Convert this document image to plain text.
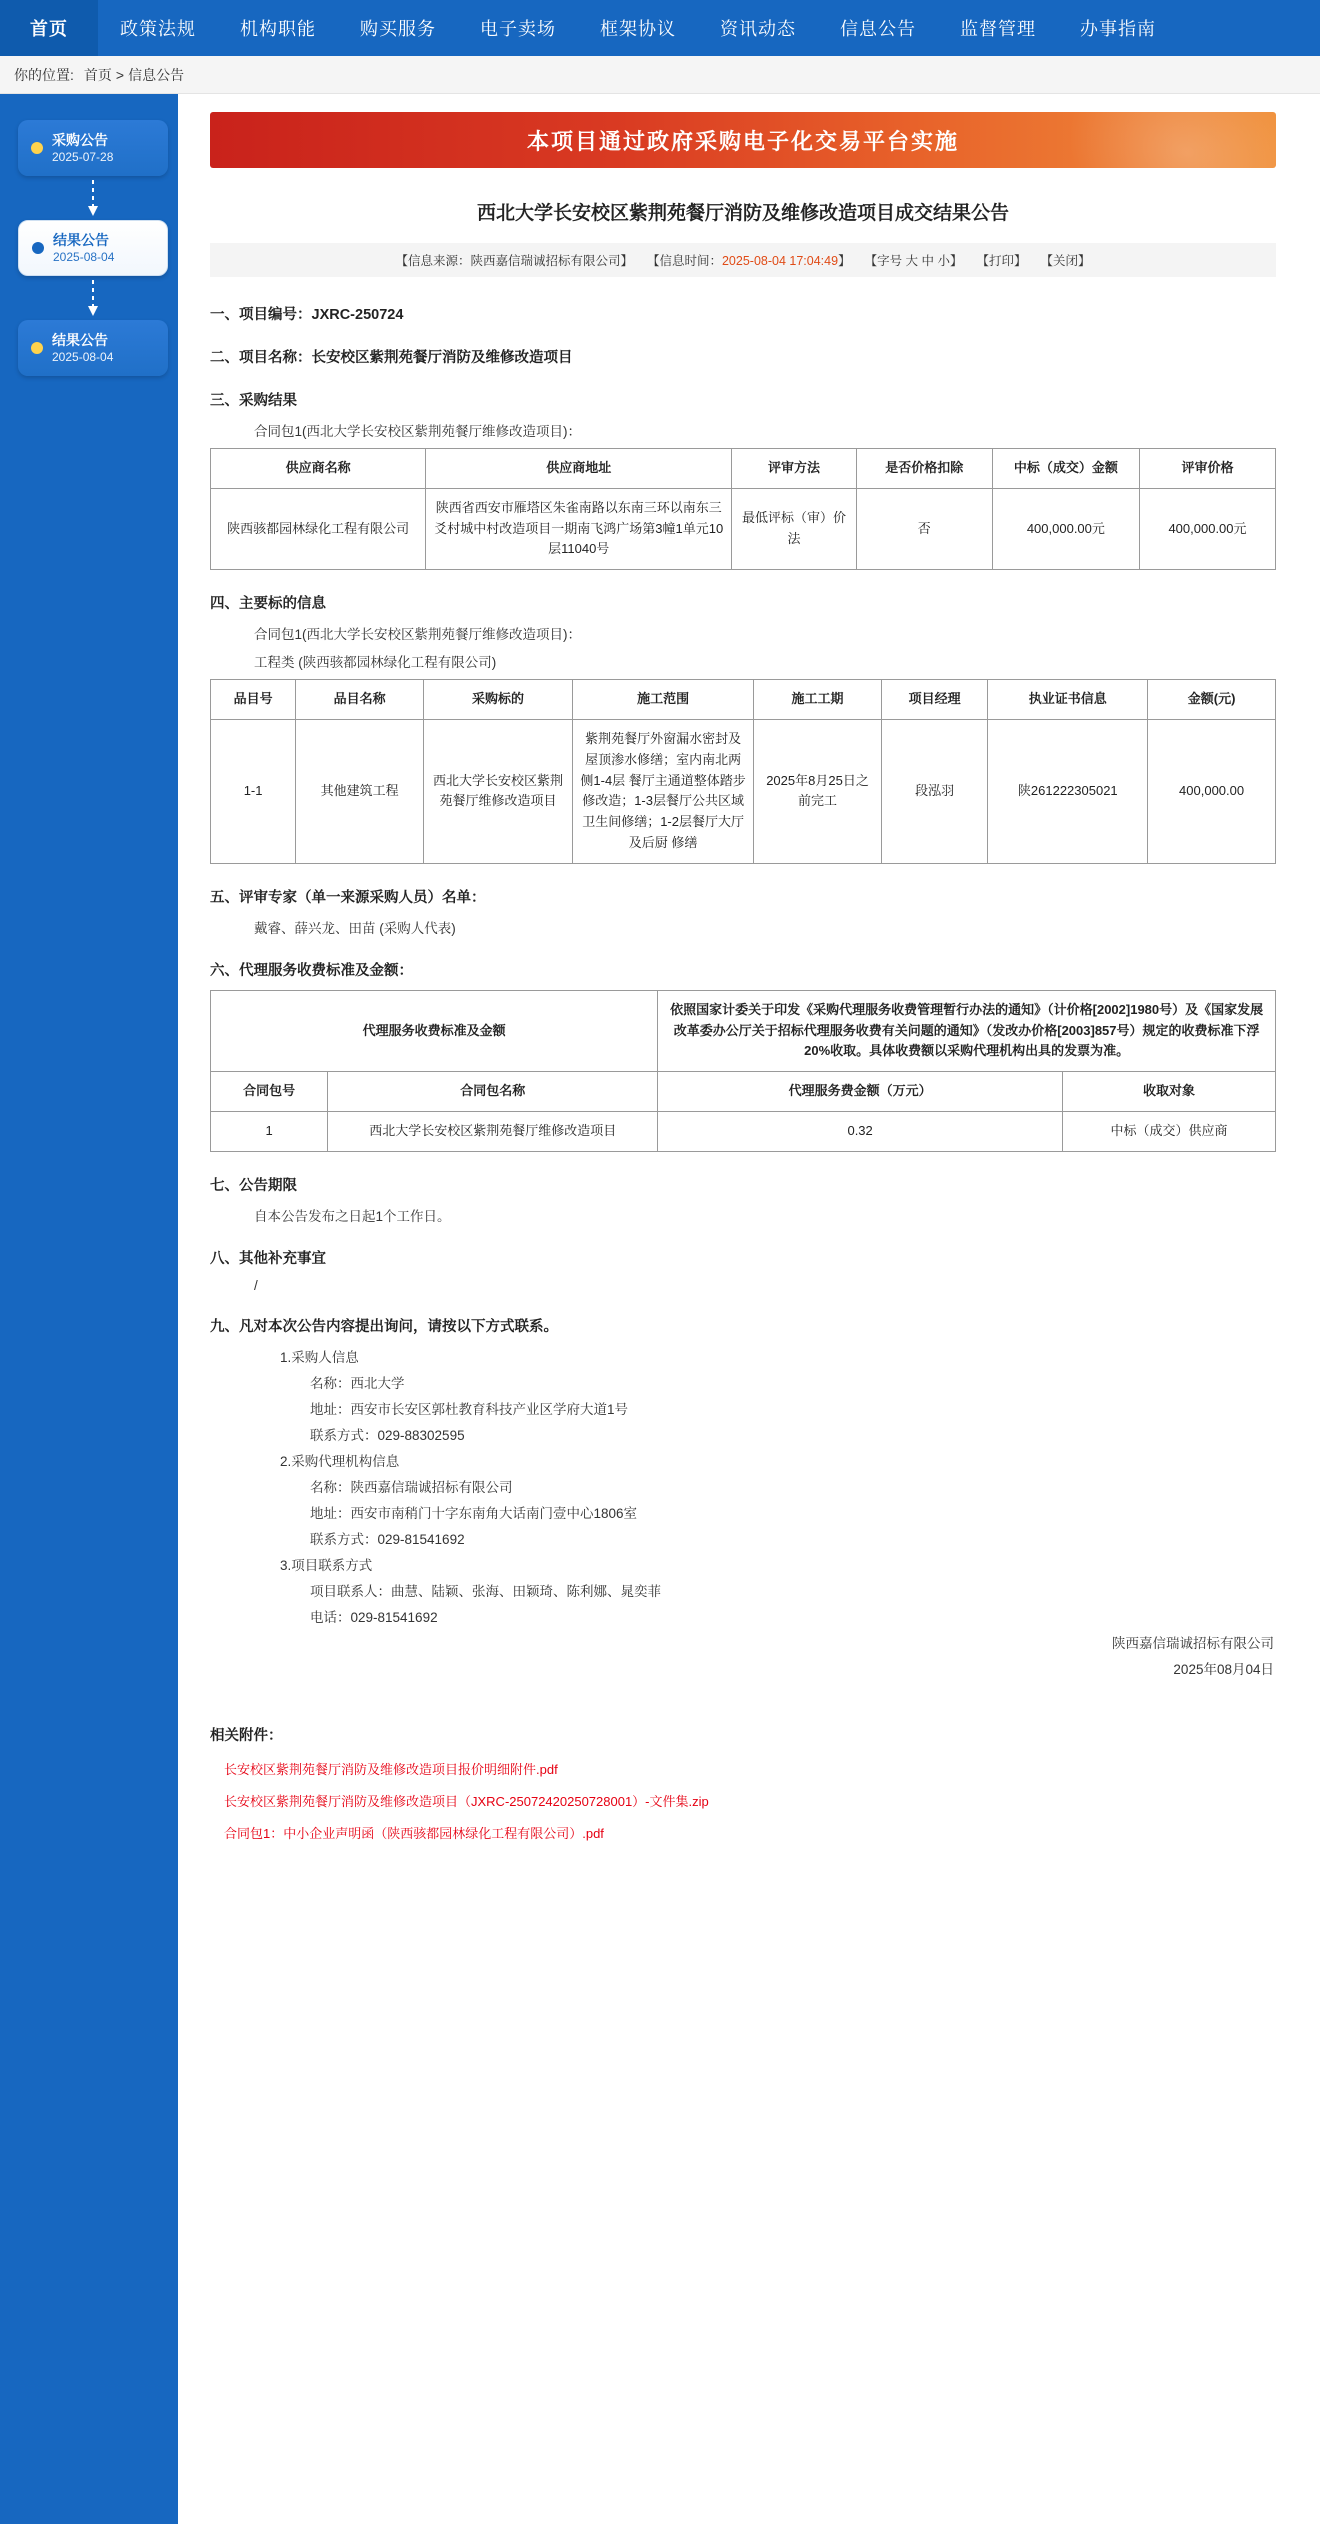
首页	政策法规	机构职能	购买服务	电子卖场	框架协议	资讯动态	信息公告	监督管理	办事指南
你的位置: 首页 > 信息公告
采购公告
2025-07-28
结果公告
2025-08-04
结果公告
2025-08-04
本项目通过政府采购电子化交易平台实施
西北大学长安校区紫荆苑餐厅消防及维修改造项目成交结果公告
【信息来源：陕西嘉信瑞诚招标有限公司】 【信息时间：2025-08-04 17:04:49】 【字号 大 中 小】 【打印】 【关闭】
一、项目编号：JXRC-250724
二、项目名称：长安校区紫荆苑餐厅消防及维修改造项目
三、采购结果

合同包1(西北大学长安校区紫荆苑餐厅维修改造项目)：

供应商名称	供应商地址	评审方法	是否价格扣除	中标（成交）金额	评审价格
陕西骇都园林绿化工程有限公司	陕西省西安市雁塔区朱雀南路以东南三环以南东三爻村城中村改造项目一期南飞鸿广场第3幢1单元10层11040号	最低评标（审）价法	否	400,000.00元	400,000.00元
四、主要标的信息

合同包1(西北大学长安校区紫荆苑餐厅维修改造项目)：

工程类 (陕西骇都园林绿化工程有限公司)

品目号	品目名称	采购标的	施工范围	施工工期	项目经理	执业证书信息	金额(元)
1-1	其他建筑工程	西北大学长安校区紫荆苑餐厅维修改造项目	紫荆苑餐厅外窗漏水密封及屋顶渗水修缮；室内南北两侧1-4层 餐厅主通道整体踏步修改造；1-3层餐厅公共区域卫生间修缮；1-2层餐厅大厅及后厨 修缮	2025年8月25日之前完工	段泓羽	陕261222305021	400,000.00
五、评审专家（单一来源采购人员）名单：

戴睿、薛兴龙、田苗 (采购人代表)

六、代理服务收费标准及金额：
代理服务收费标准及金额		依照国家计委关于印发《采购代理服务收费管理暂行办法的通知》（计价格[2002]1980号）及《国家发展改革委办公厅关于招标代理服务收费有关问题的通知》（发改办价格[2003]857号）规定的收费标准下浮20%收取。具体收费额以采购代理机构出具的发票为准。	
合同包号	合同包名称	代理服务费金额（万元）	收取对象
1	西北大学长安校区紫荆苑餐厅维修改造项目	0.32	中标（成交）供应商
七、公告期限

自本公告发布之日起1个工作日。

八、其他补充事宜

/

九、凡对本次公告内容提出询问，请按以下方式联系。

1.采购人信息

名称：西北大学

地址：西安市长安区郭杜教育科技产业区学府大道1号

联系方式：029-88302595

2.采购代理机构信息

名称：陕西嘉信瑞诚招标有限公司

地址：西安市南稍门十字东南角大话南门壹中心1806室

联系方式：029-81541692

3.项目联系方式

项目联系人：曲慧、陆颖、张海、田颖琦、陈利娜、晁奕菲

电话：029-81541692

陕西嘉信瑞诚招标有限公司
2025年08月04日
相关附件：
长安校区紫荆苑餐厅消防及维修改造项目报价明细附件.pdf
长安校区紫荆苑餐厅消防及维修改造项目（JXRC-25072420250728001）-文件集.zip
合同包1：中小企业声明函（陕西骇都园林绿化工程有限公司）.pdf
